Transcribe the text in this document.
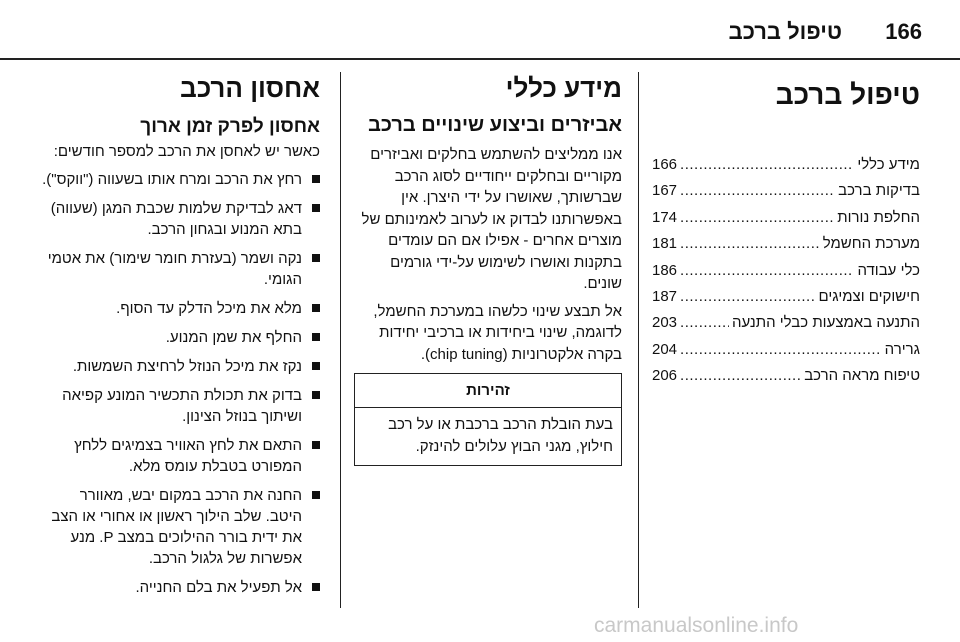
166
טיפול ברכב
טיפול ברכב
מידע כללי
.....
166
בדיקות ברכב
.....
167
החלפת נורות
.....
174
מערכת החשמל
.....
181
כלי עבודה
.....
186
חישוקים וצמיגים
.....
187
התנעה באמצעות כבלי התנעה
.....
203
גרירה
.....
204
טיפוח מראה הרכב
.....
206
מידע כללי
אביזרים וביצוע שינויים ברכב

אנו ממליצים להשתמש בחלקים ואביזרים מקוריים ובחלקים ייחודיים לסוג הרכב שברשותך, שאושרו על ידי היצרן. אין באפשרותנו לבדוק או לערוב לאמינותם של מוצרים אחרים - אפילו אם הם עומדים בתקנות ואושרו לשימוש על-ידי גורמים שונים.

אל תבצע שינוי כלשהו במערכת החשמל, לדוגמה, שינוי ביחידות או ברכיבי יחידות בקרה אלקטרוניות (chip tuning).

זהירות
בעת הובלת הרכב ברכבת או על רכב חילוץ, מגני הבוץ עלולים להינזק.
אחסון הרכב
אחסון לפרק זמן ארוך

כאשר יש לאחסן את הרכב למספר חודשים:

רחץ את הרכב ומרח אותו בשעווה ("ווקס").
דאג לבדיקת שלמות שכבת המגן (שעווה) בתא המנוע ובגחון הרכב.
נקה ושמר (בעזרת חומר שימור) את אטמי הגומי.
מלא את מיכל הדלק עד הסוף.
החלף את שמן המנוע.
נקז את מיכל הנוזל לרחיצת השמשות.
בדוק את תכולת התכשיר המונע קפיאה ושיתוך בנוזל הצינון.
התאם את לחץ האוויר בצמיגים ללחץ המפורט בטבלת עומס מלא.
החנה את הרכב במקום יבש, מאוורר היטב. שלב הילוך ראשון או אחורי או הצב את ידית בורר ההילוכים במצב P. מנע אפשרות של גלגול הרכב.
אל תפעיל את בלם החנייה.
carmanualsonline.info
